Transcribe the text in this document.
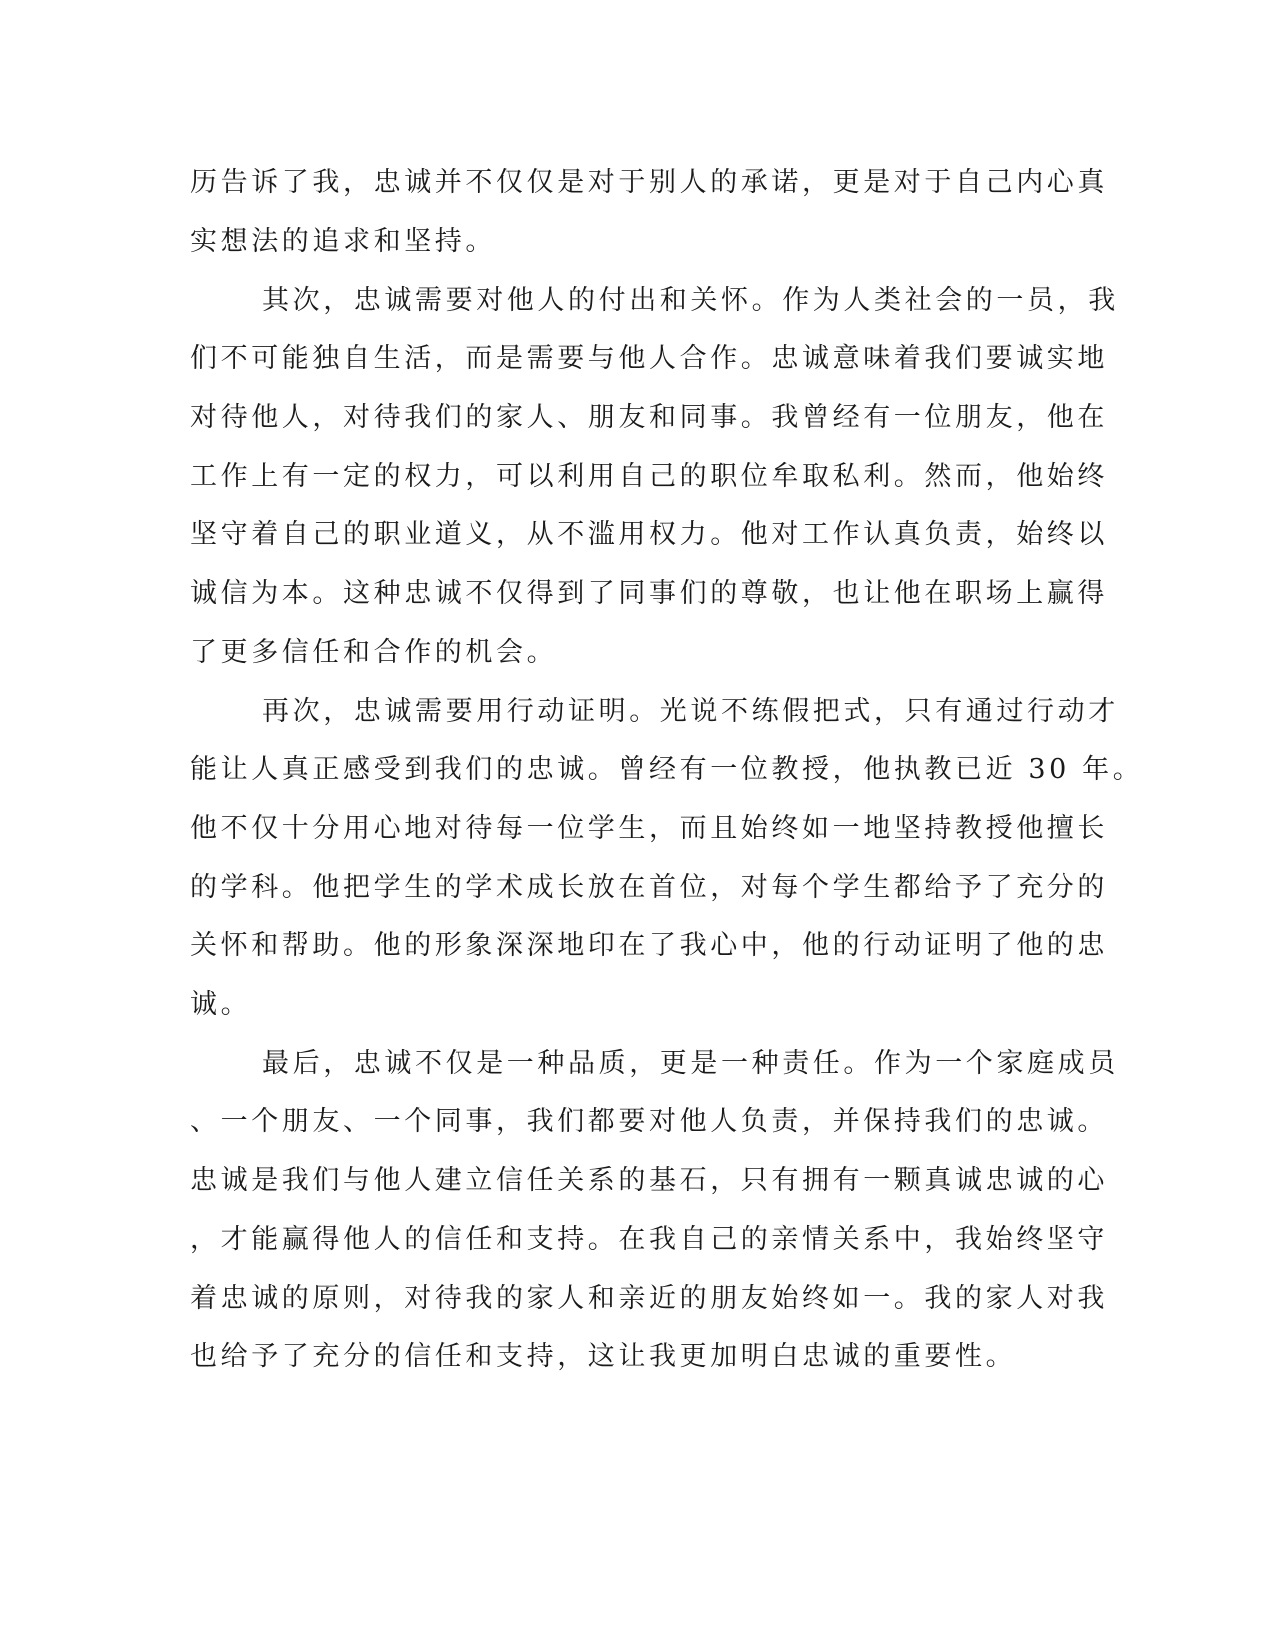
历告诉了我，忠诚并不仅仅是对于别人的承诺，更是对于自己内心真
实想法的追求和坚持。
其次，忠诚需要对他人的付出和关怀。作为人类社会的一员，我
们不可能独自生活，而是需要与他人合作。忠诚意味着我们要诚实地
对待他人，对待我们的家人、朋友和同事。我曾经有一位朋友，他在
工作上有一定的权力，可以利用自己的职位牟取私利。然而，他始终
坚守着自己的职业道义，从不滥用权力。他对工作认真负责，始终以
诚信为本。这种忠诚不仅得到了同事们的尊敬，也让他在职场上赢得
了更多信任和合作的机会。
再次，忠诚需要用行动证明。光说不练假把式，只有通过行动才
能让人真正感受到我们的忠诚。曾经有一位教授，他执教已近 30 年。
他不仅十分用心地对待每一位学生，而且始终如一地坚持教授他擅长
的学科。他把学生的学术成长放在首位，对每个学生都给予了充分的
关怀和帮助。他的形象深深地印在了我心中，他的行动证明了他的忠
诚。
最后，忠诚不仅是一种品质，更是一种责任。作为一个家庭成员
、一个朋友、一个同事，我们都要对他人负责，并保持我们的忠诚。
忠诚是我们与他人建立信任关系的基石，只有拥有一颗真诚忠诚的心
，才能赢得他人的信任和支持。在我自己的亲情关系中，我始终坚守
着忠诚的原则，对待我的家人和亲近的朋友始终如一。我的家人对我
也给予了充分的信任和支持，这让我更加明白忠诚的重要性。
